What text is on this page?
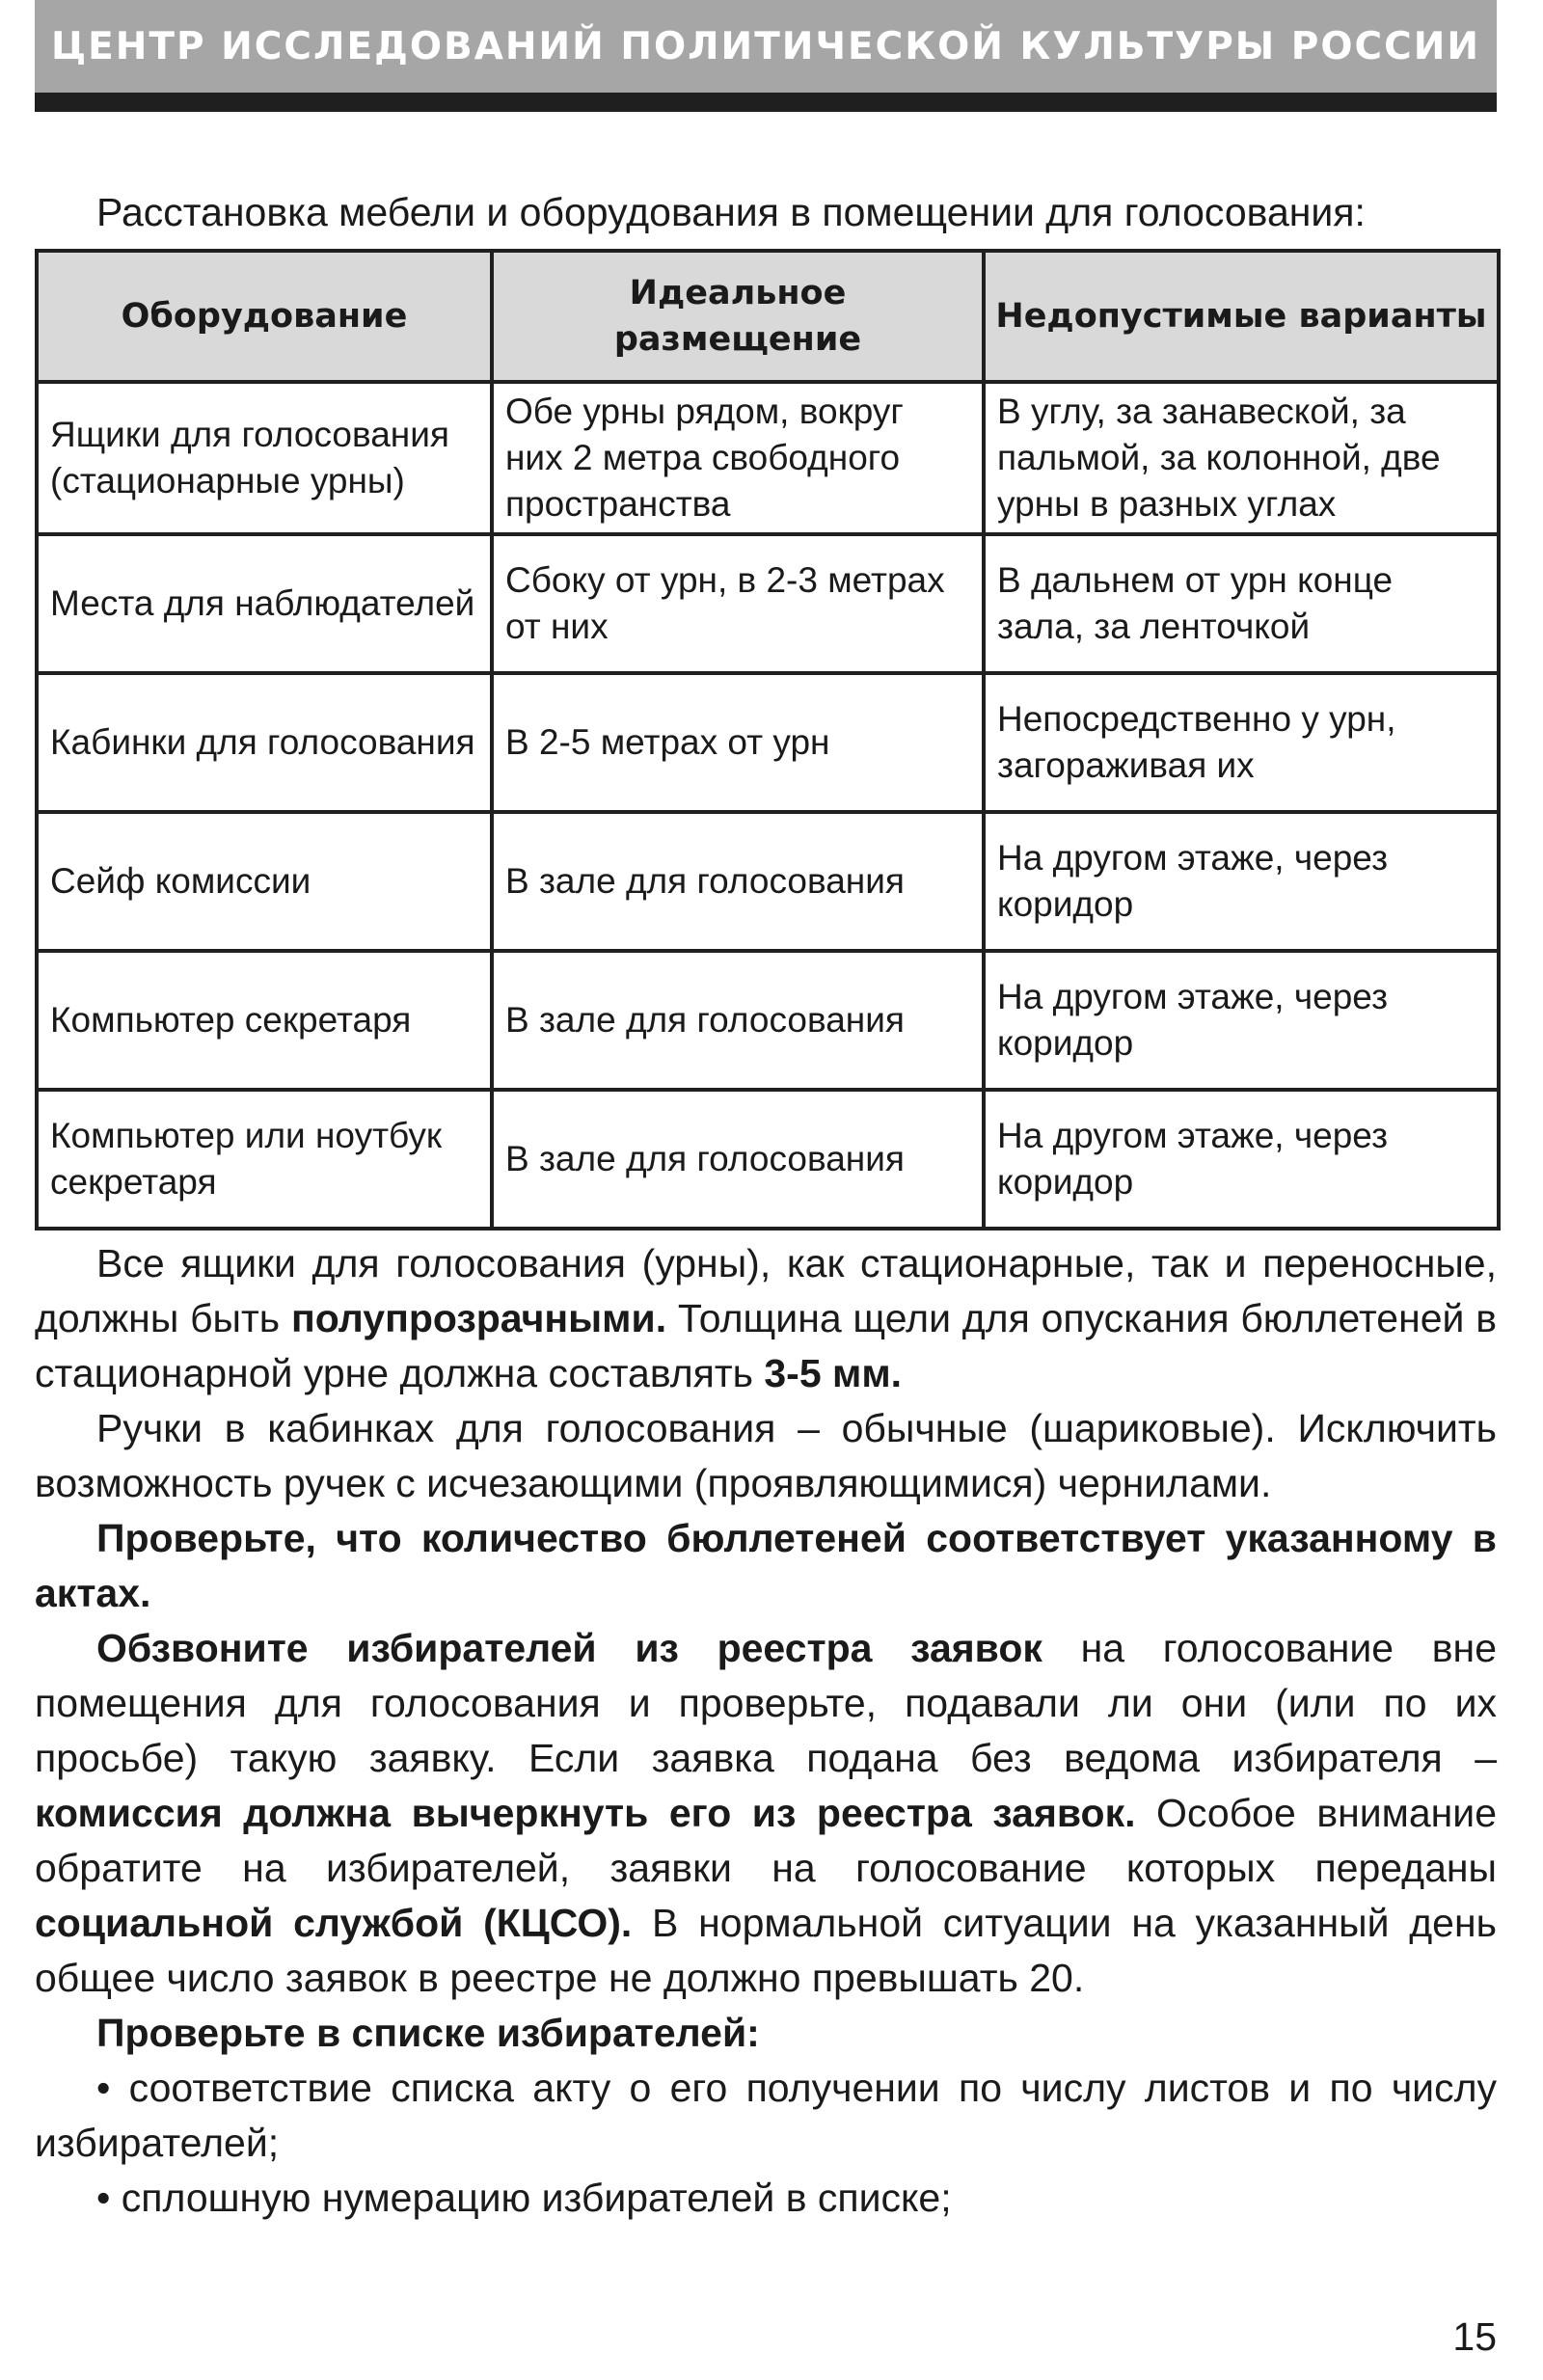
ЦЕНТР ИССЛЕДОВАНИЙ ПОЛИТИЧЕСКОЙ КУЛЬТУРЫ РОССИИ

Расстановка мебели и оборудования в помещении для голосования:

Оборудование	Идеальное размещение	Недопустимые варианты
Ящики для голосования (стационарные урны)	Обе урны рядом, вокруг них 2 метра свободного пространства	В углу, за занавеской, за пальмой, за колонной, две урны в разных углах
Места для наблюдателей	Сбоку от урн, в 2-3 метрах от них	В дальнем от урн конце зала, за ленточкой
Кабинки для голосования	В 2-5 метрах от урн	Непосредственно у урн, загораживая их
Сейф комиссии	В зале для голосования	На другом этаже, через коридор
Компьютер секретаря	В зале для голосования	На другом этаже, через коридор
Компьютер или ноутбук секретаря	В зале для голосования	На другом этаже, через коридор

Все ящики для голосования (урны), как стационарные, так и переносные, должны быть полупрозрачными. Толщина щели для опускания бюллетеней в стационарной урне должна составлять 3-5 мм.

Ручки в кабинках для голосования – обычные (шариковые). Исключить возможность ручек с исчезающими (проявляющимися) чернилами.

Проверьте, что количество бюллетеней соответствует указанному в актах.

Обзвоните избирателей из реестра заявок на голосование вне помещения для голосования и проверьте, подавали ли они (или по их просьбе) такую заявку. Если заявка подана без ведома избирателя – комиссия должна вычеркнуть его из реестра заявок. Особое внимание обратите на избирателей, заявки на голосование которых переданы социальной службой (КЦСО). В нормальной ситуации на указанный день общее число заявок в реестре не должно превышать 20.

Проверьте в списке избирателей:

• соответствие списка акту о его получении по числу листов и по числу избирателей;

• сплошную нумерацию избирателей в списке;

15
